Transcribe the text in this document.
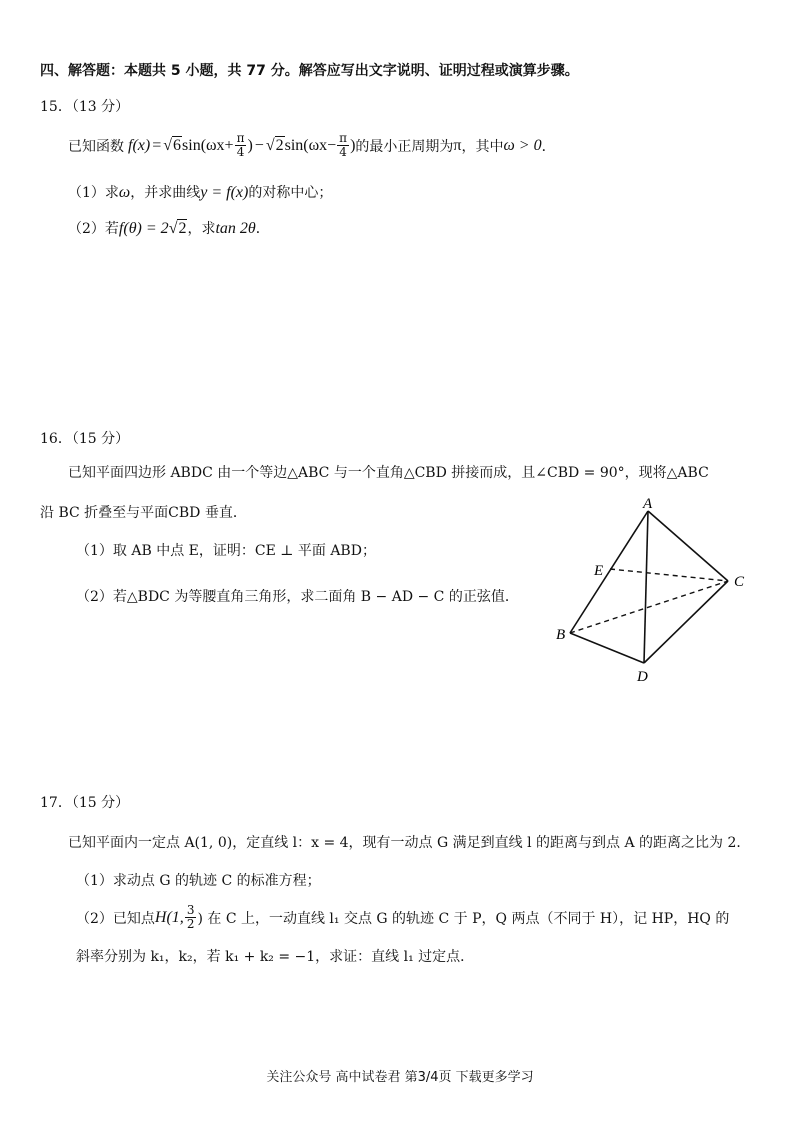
四、解答题：本题共 5 小题，共 77 分。解答应写出文字说明、证明过程或演算步骤。
15．（13 分）
已知函数 f(x) = √6 $\sin(\omega x+ \frac{\pi}{4}$ ) − √2 $\sin(\omega x- \frac{\pi}{4}$ ) 的最小正周期为 π ，其中 ω > 0 ．
（1）求ω，并求曲线y = f(x)的对称中心；
（2）若f(θ) = 2√2，求tan 2θ．
16．（15 分）
已知平面四边形 ABDC 由一个等边△ABC 与一个直角△CBD 拼接而成，且∠CBD = 90°，现将△ABC
沿 BC 折叠至与平面CBD 垂直．
（1）取 AB 中点 E，证明：CE ⊥ 平面 ABD；
（2）若△BDC 为等腰直角三角形，求二面角 B − AD − C 的正弦值．
A
E
C
B
D
17．（15 分）
已知平面内一定点 A(1, 0)，定直线 l：x = 4，现有一动点 G 满足到直线 l 的距离与到点 A 的距离之比为 2．
（1）求动点 G 的轨迹 C 的标准方程；
（2）已知点 H(1, $\frac{3}{2}$ ) 在 C 上，一动直线 l₁ 交点 G 的轨迹 C 于 P，Q 两点（不同于 H），记 HP，HQ 的
斜率分别为 k₁，k₂，若 k₁ + k₂ = −1，求证：直线 l₁ 过定点．
关注公众号 高中试卷君 第3/4页 下载更多学习
